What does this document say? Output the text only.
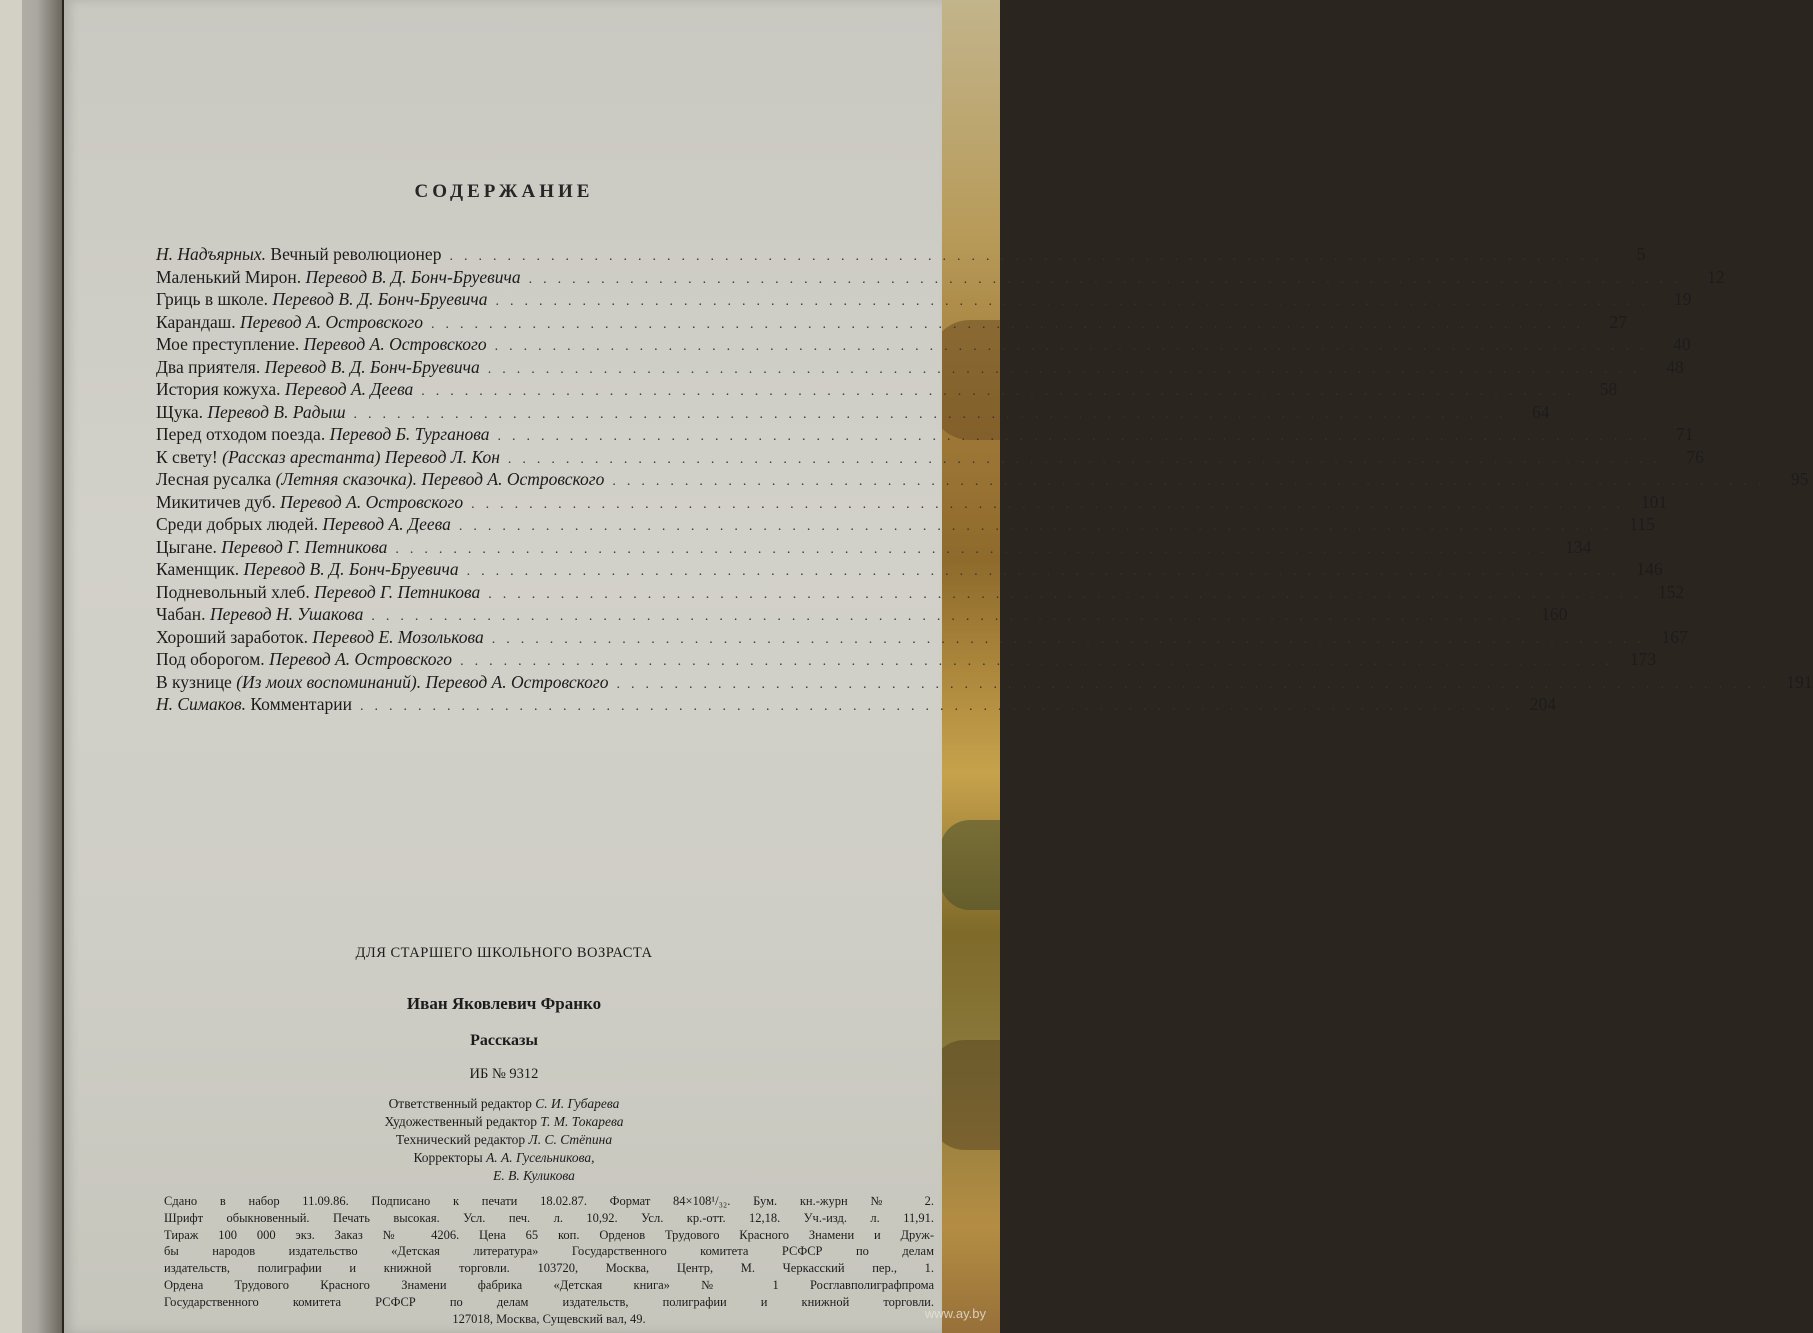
СОДЕРЖАНИЕ
Н. Надъярных. Вечный революционер ................................................................................	5
Маленький Мирон. Перевод В. Д. Бонч-Бруевича ................................................................................	12
Гриць в школе. Перевод В. Д. Бонч-Бруевича ................................................................................	19
Карандаш. Перевод А. Островского ................................................................................	27
Мое преступление. Перевод А. Островского ................................................................................	40
Два приятеля. Перевод В. Д. Бонч-Бруевича ................................................................................	48
История кожуха. Перевод А. Деева ................................................................................	58
Щука. Перевод В. Радыш ................................................................................	64
Перед отходом поезда. Перевод Б. Турганова ................................................................................	71
К свету! (Рассказ арестанта) Перевод Л. Кон ................................................................................	76
Лесная русалка (Летняя сказочка). Перевод А. Островского ................................................................................	95
Микитичев дуб. Перевод А. Островского ................................................................................ 101
Среди добрых людей. Перевод А. Деева ................................................................................ 115
Цыгане. Перевод Г. Петникова ................................................................................ 134
Каменщик. Перевод В. Д. Бонч-Бруевича ................................................................................ 146
Подневольный хлеб. Перевод Г. Петникова ................................................................................ 152
Чабан. Перевод Н. Ушакова ................................................................................ 160
Хороший заработок. Перевод Е. Мозолькова ................................................................................ 167
Под оборогом. Перевод А. Островского ................................................................................ 173
В кузнице (Из моих воспоминаний). Перевод А. Островского ................................................................................ 191
Н. Симаков. Комментарии ................................................................................ 204
ДЛЯ СТАРШЕГО ШКОЛЬНОГО ВОЗРАСТА
Иван Яковлевич Франко
Рассказы
ИБ № 9312
Ответственный редактор С. И. Губарева
Художественный редактор Т. М. Токарева
Технический редактор Л. С. Стёпина
Корректоры А. А. Гусельникова,
Е. В. Куликова
Сдано в набор 11.09.86. Подписано к печати 18.02.87. Формат 84×108¹/₃₂. Бум. кн.-журн № 2.
Шрифт обыкновенный. Печать высокая. Усл. печ. л. 10,92. Усл. кр.-отт. 12,18. Уч.-изд. л. 11,91.
Тираж 100 000 экз. Заказ № 4206. Цена 65 коп. Орденов Трудового Красного Знамени и Друж-
бы народов издательство «Детская литература» Государственного комитета РСФСР по делам
издательств, полиграфии и книжной торговли. 103720, Москва, Центр, М. Черкасский пер., 1.
Ордена Трудового Красного Знамени фабрика «Детская книга» № 1 Росглавполиграфпрома
Государственного комитета РСФСР по делам издательств, полиграфии и книжной торговли.
127018, Москва, Сущевский вал, 49.	www.ay.by
